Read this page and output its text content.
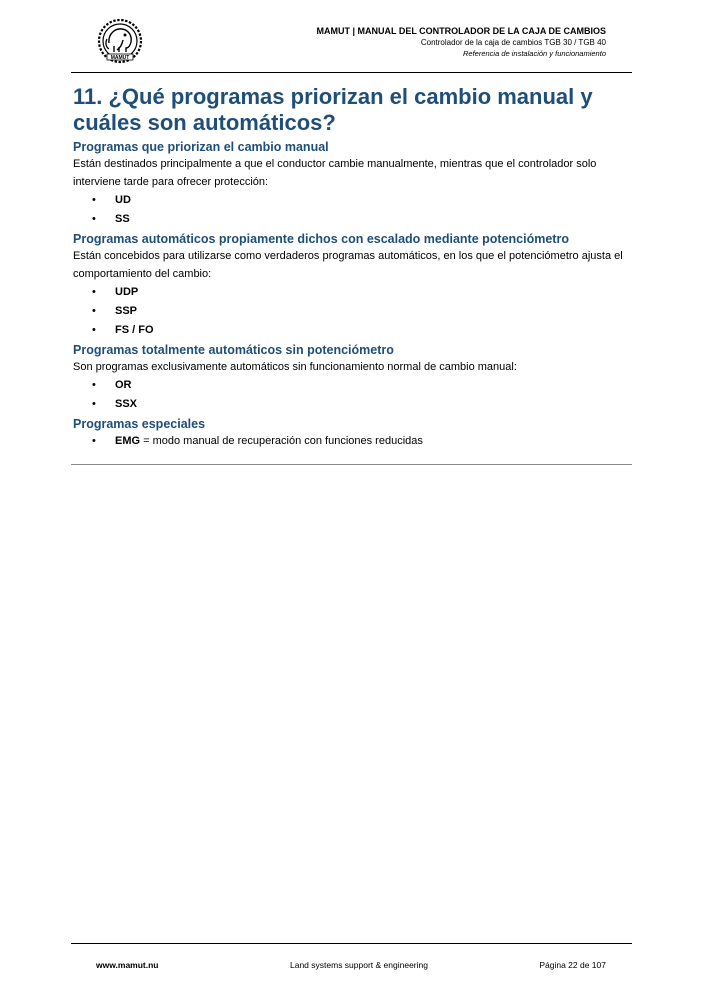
MAMUT
MAMUT | MANUAL DEL CONTROLADOR DE LA CAJA DE CAMBIOS
Controlador de la caja de cambios TGB 30 / TGB 40
Referencia de instalación y funcionamiento
11. ¿Qué programas priorizan el cambio manual y cuáles son automáticos?
Programas que priorizan el cambio manual

Están destinados principalmente a que el conductor cambie manualmente, mientras que el controlador solo interviene tarde para ofrecer protección:

• UD
• SS
Programas automáticos propiamente dichos con escalado mediante potenciómetro

Están concebidos para utilizarse como verdaderos programas automáticos, en los que el potenciómetro ajusta el comportamiento del cambio:

• UDP
• SSP
• FS / FO
Programas totalmente automáticos sin potenciómetro

Son programas exclusivamente automáticos sin funcionamiento normal de cambio manual:

• OR
• SSX
Programas especiales
• EMG = modo manual de recuperación con funciones reducidas
www.mamut.nu	Land systems support & engineering	Página 22 de 107
